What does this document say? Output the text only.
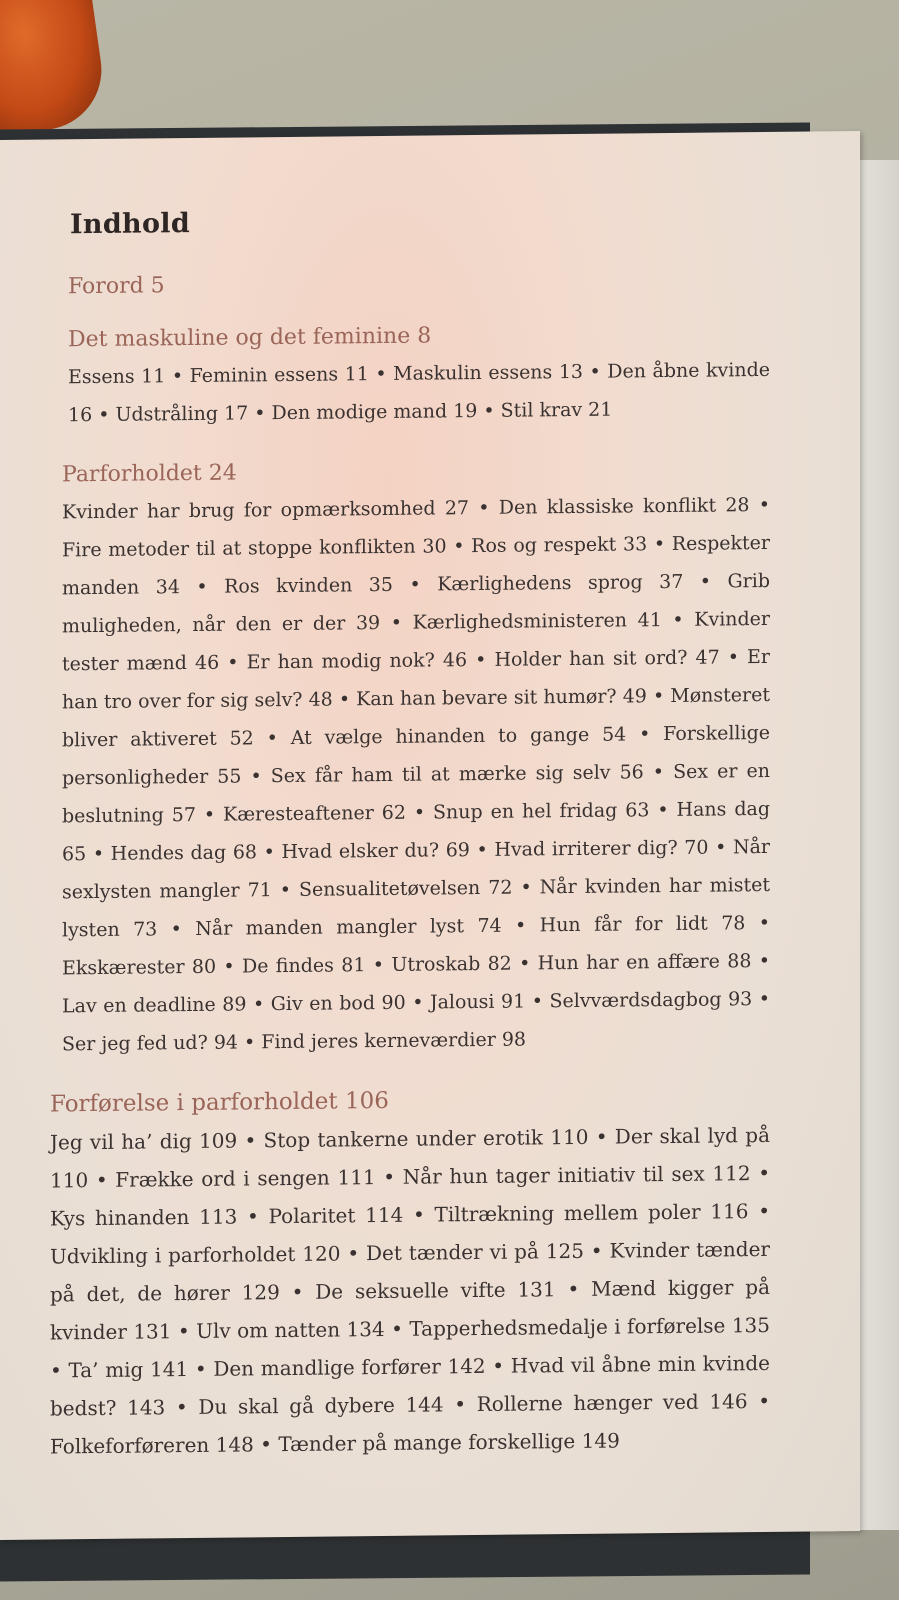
Indhold
Forord 5
Det maskuline og det feminine 8
Essens 11 • Feminin essens 11 • Maskulin essens 13 • Den åbne kvinde 16 • Udstråling 17 • Den modige mand 19 • Stil krav 21
Parforholdet 24
Kvinder har brug for opmærksomhed 27 • Den klassiske konflikt 28 • Fire metoder til at stoppe konflikten 30 • Ros og respekt 33 • Respekter manden 34 • Ros kvinden 35 • Kærlighedens sprog 37 • Grib muligheden, når den er der 39 • Kærlighedsministeren 41 • Kvinder tester mænd 46 • Er han modig nok? 46 • Holder han sit ord? 47 • Er han tro over for sig selv? 48 • Kan han bevare sit humør? 49 • Mønsteret bliver aktiveret 52 • At vælge hinanden to gange 54 • Forskellige personligheder 55 • Sex får ham til at mærke sig selv 56 • Sex er en beslutning 57 • Kæresteaftener 62 • Snup en hel fridag 63 • Hans dag 65 • Hendes dag 68 • Hvad elsker du? 69 • Hvad irriterer dig? 70 • Når sexlysten mangler 71 • Sensualitetøvelsen 72 • Når kvinden har mistet lysten 73 • Når manden mangler lyst 74 • Hun får for lidt 78 • Ekskærester 80 • De findes 81 • Utroskab 82 • Hun har en affære 88 • Lav en deadline 89 • Giv en bod 90 • Jalousi 91 • Selvværdsdagbog 93 • Ser jeg fed ud? 94 • Find jeres kerneværdier 98
Forførelse i parforholdet 106
Jeg vil ha’ dig 109 • Stop tankerne under erotik 110 • Der skal lyd på 110 • Frække ord i sengen 111 • Når hun tager initiativ til sex 112 • Kys hinanden 113 • Polaritet 114 • Tiltrækning mellem poler 116 • Udvikling i parforholdet 120 • Det tænder vi på 125 • Kvinder tænder på det, de hører 129 • De seksuelle vifte 131 • Mænd kigger på kvinder 131 • Ulv om natten 134 • Tapperhedsmedalje i forførelse 135 • Ta’ mig 141 • Den mandlige forfører 142 • Hvad vil åbne min kvinde bedst? 143 • Du skal gå dybere 144 • Rollerne hænger ved 146 • Folkeforføreren 148 • Tænder på mange forskellige 149
